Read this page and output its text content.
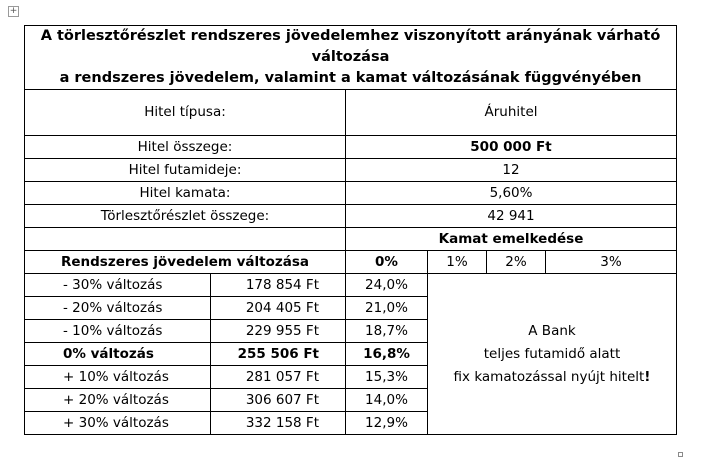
+
A törlesztőrészlet rendszeres jövedelemhez viszonyított arányának várható változása
a rendszeres jövedelem, valamint a kamat változásának függvényében					
Hitel típusa:		Áruhitel			
Hitel összege:		500 000 Ft			
Hitel futamideje:		12			
Hitel kamata:		5,60%			
Törlesztőrészlet összege:		42 941			
		Kamat emelkedése			
Rendszeres jövedelem változása		0%	1%	2%	3%
- 30% változás	178 854 Ft	24,0%	A Bank
teljes futamidő alatt
fix kamatozással nyújt hitelt!		
- 20% változás	204 405 Ft	21,0%			
- 10% változás	229 955 Ft	18,7%			
0% változás	255 506 Ft	16,8%			
+ 10% változás	281 057 Ft	15,3%			
+ 20% változás	306 607 Ft	14,0%			
+ 30% változás	332 158 Ft	12,9%			
